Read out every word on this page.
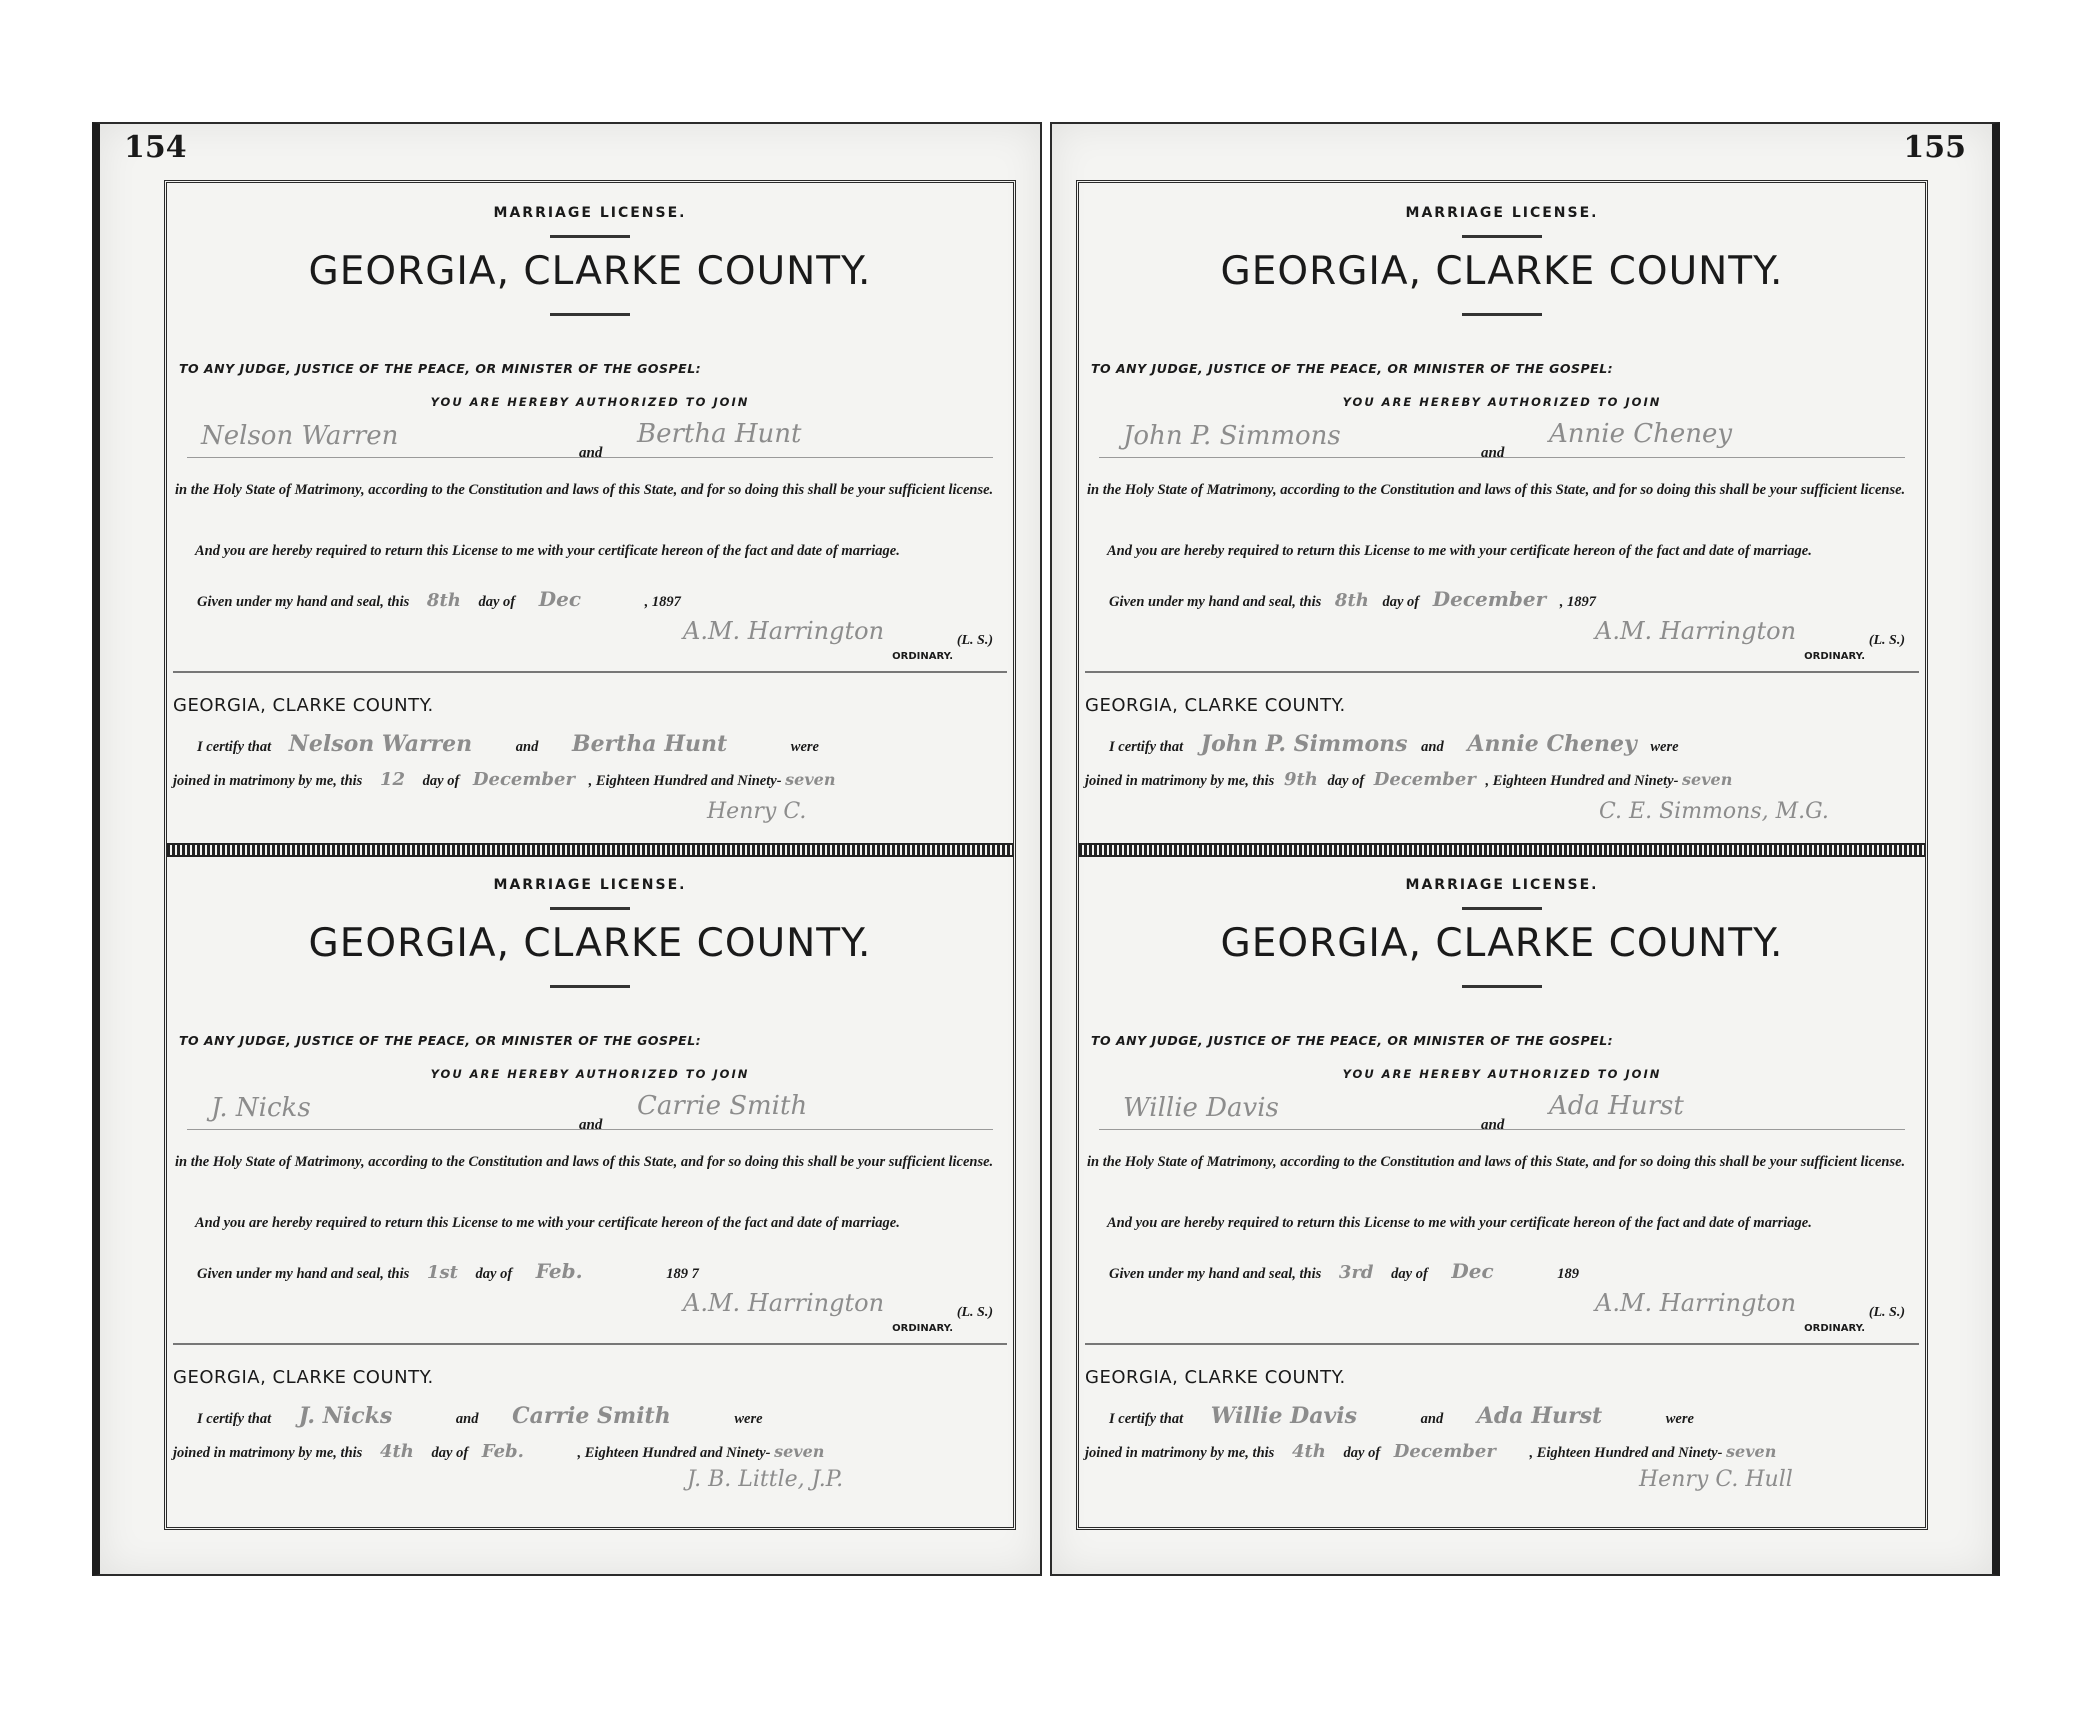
154
MARRIAGE LICENSE.
GEORGIA, CLARKE COUNTY.
TO ANY JUDGE, JUSTICE OF THE PEACE, OR MINISTER OF THE GOSPEL:
YOU ARE HEREBY AUTHORIZED TO JOIN
Nelson Warren
and
Bertha Hunt
in the Holy State of Matrimony, according to the Constitution and laws of this State, and for so doing this shall be your sufficient license.
And you are hereby required to return this License to me with your certificate hereon of the fact and date of marriage.
Given under my hand and seal, this 8th day of Dec	, 1897
A.M. Harrington	(L. S.)
ORDINARY.
GEORGIA, CLARKE COUNTY.
I certify that Nelson Warren	and Bertha Hunt	were
joined in matrimony by me, this 12 day of December , Eighteen Hundred and Ninety- seven
Henry C.
MARRIAGE LICENSE.
GEORGIA, CLARKE COUNTY.
TO ANY JUDGE, JUSTICE OF THE PEACE, OR MINISTER OF THE GOSPEL:
YOU ARE HEREBY AUTHORIZED TO JOIN
J. Nicks
and
Carrie Smith
in the Holy State of Matrimony, according to the Constitution and laws of this State, and for so doing this shall be your sufficient license.
And you are hereby required to return this License to me with your certificate hereon of the fact and date of marriage.
Given under my hand and seal, this 1st day of Feb.	189 7
A.M. Harrington	(L. S.)
ORDINARY.
GEORGIA, CLARKE COUNTY.
I certify that J. Nicks	and Carrie Smith	were
joined in matrimony by me, this 4th day of Feb.	, Eighteen Hundred and Ninety- seven
J. B. Little, J.P.
155
MARRIAGE LICENSE.
GEORGIA, CLARKE COUNTY.
TO ANY JUDGE, JUSTICE OF THE PEACE, OR MINISTER OF THE GOSPEL:
YOU ARE HEREBY AUTHORIZED TO JOIN
John P. Simmons
and
Annie Cheney
in the Holy State of Matrimony, according to the Constitution and laws of this State, and for so doing this shall be your sufficient license.
And you are hereby required to return this License to me with your certificate hereon of the fact and date of marriage.
Given under my hand and seal, this 8th day of December , 1897
A.M. Harrington	(L. S.)
ORDINARY.
GEORGIA, CLARKE COUNTY.
I certify that John P. Simmons and Annie Cheney were
joined in matrimony by me, this 9th day of December , Eighteen Hundred and Ninety- seven
C. E. Simmons, M.G.
MARRIAGE LICENSE.
GEORGIA, CLARKE COUNTY.
TO ANY JUDGE, JUSTICE OF THE PEACE, OR MINISTER OF THE GOSPEL:
YOU ARE HEREBY AUTHORIZED TO JOIN
Willie Davis
and
Ada Hurst
in the Holy State of Matrimony, according to the Constitution and laws of this State, and for so doing this shall be your sufficient license.
And you are hereby required to return this License to me with your certificate hereon of the fact and date of marriage.
Given under my hand and seal, this 3rd day of Dec	189
A.M. Harrington	(L. S.)
ORDINARY.
GEORGIA, CLARKE COUNTY.
I certify that Willie Davis	and Ada Hurst	were
joined in matrimony by me, this 4th day of December , Eighteen Hundred and Ninety- seven
Henry C. Hull
